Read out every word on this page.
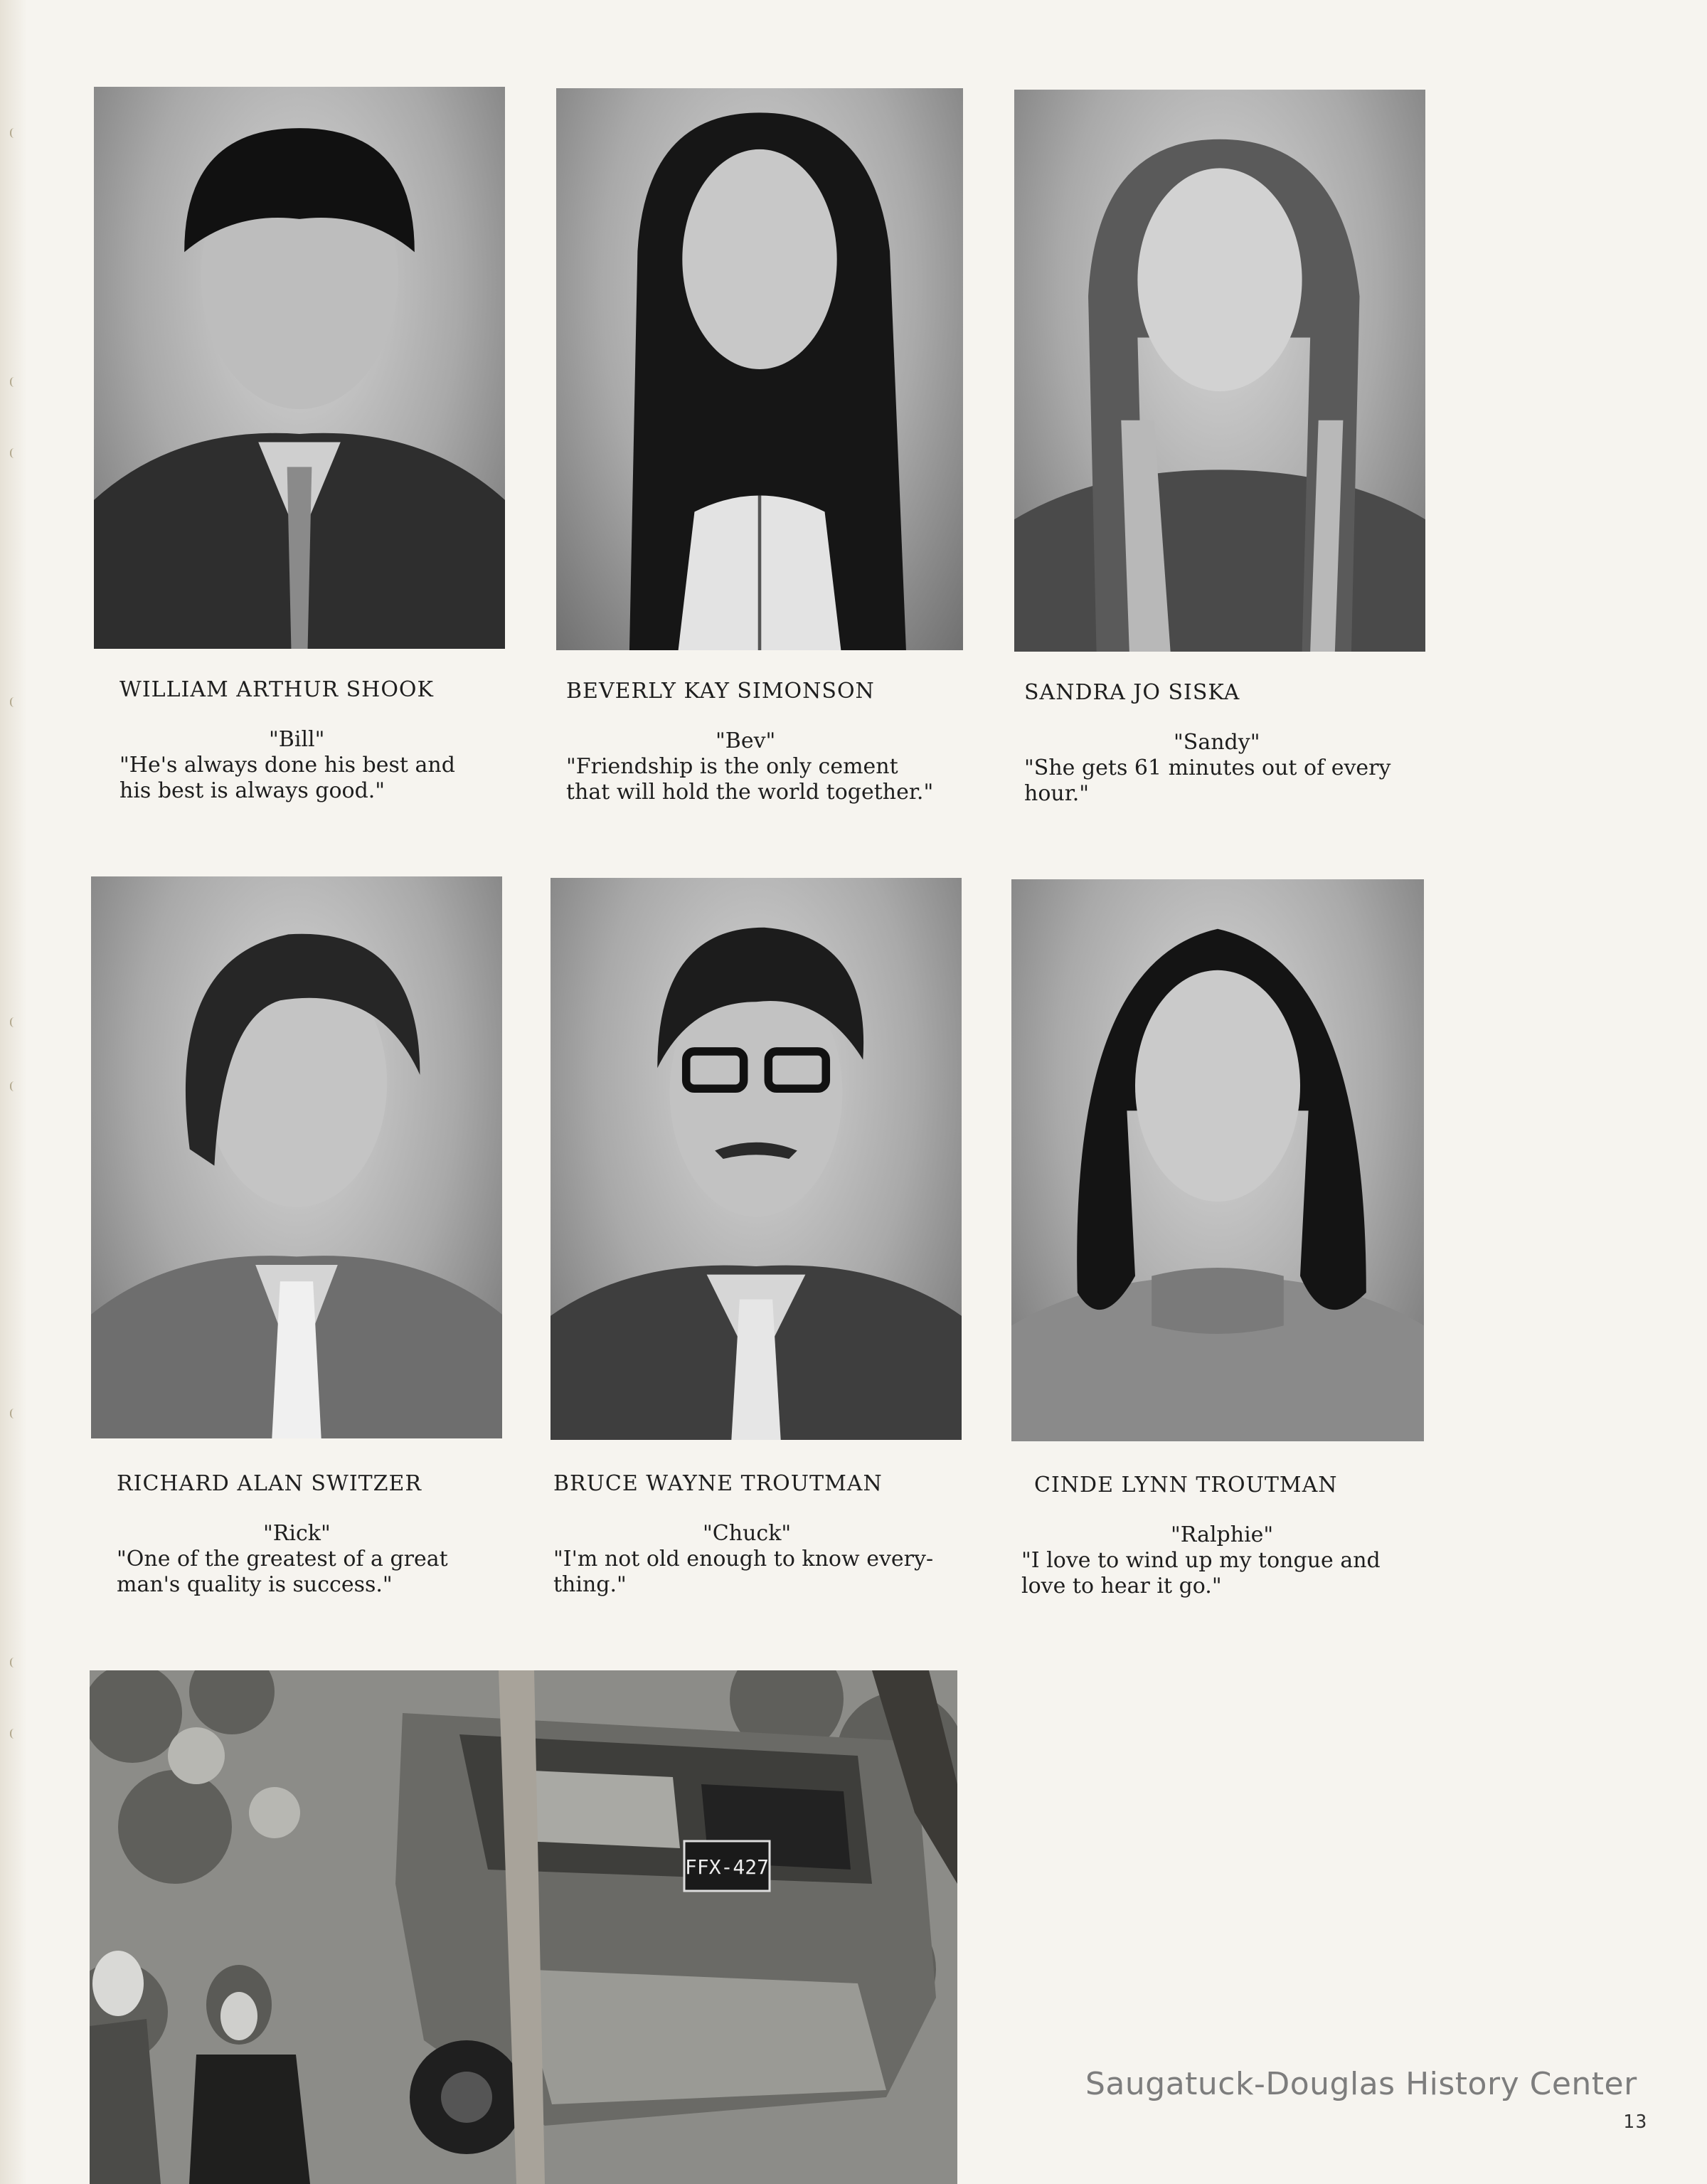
WILLIAM ARTHUR SHOOK
"Bill"
"He's always done his best and
his best is always good."
BEVERLY KAY SIMONSON
"Bev"
"Friendship is the only cement
that will hold the world together."
SANDRA JO SISKA
"Sandy"
"She gets 61 minutes out of every
hour."
RICHARD ALAN SWITZER
"Rick"
"One of the greatest of a great
man's quality is success."
BRUCE WAYNE TROUTMAN
"Chuck"
"I'm not old enough to know every-
thing."
CINDE LYNN TROUTMAN
"Ralphie"
"I love to wind up my tongue and
love to hear it go."
FFX-427
Saugatuck-Douglas History Center
13
